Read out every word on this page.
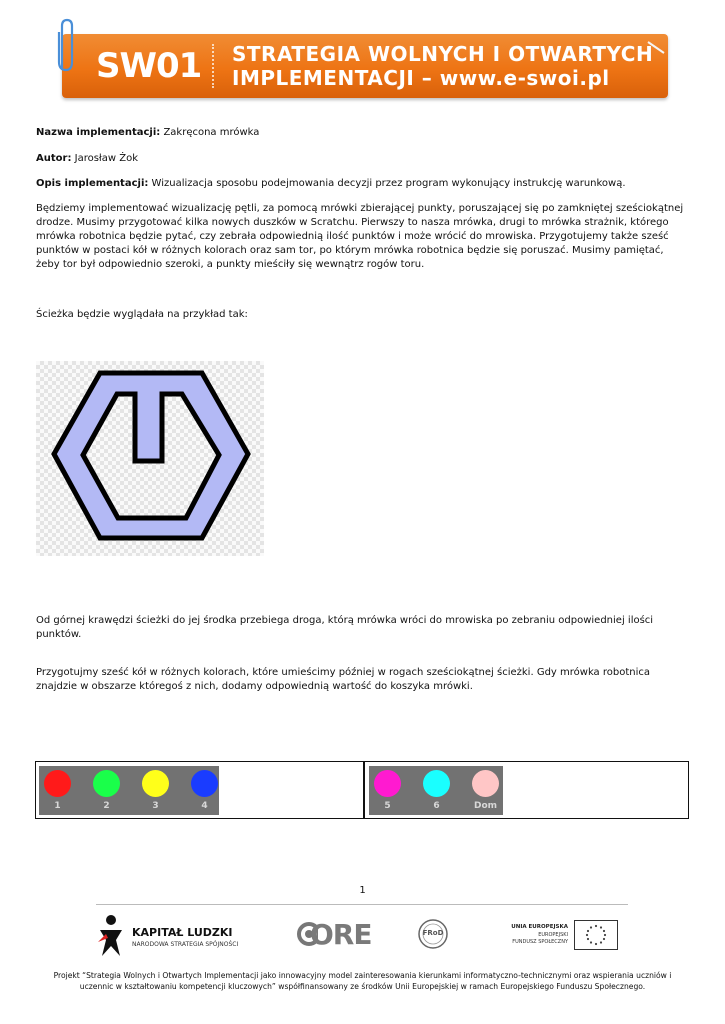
SW01 STRATEGIA WOLNYCH I OTWARTYCH
IMPLEMENTACJI – www.e-swoi.pl
Nazwa implementacji: Zakręcona mrówka
Autor: Jarosław Żok
Opis implementacji: Wizualizacja sposobu podejmowania decyzji przez program wykonujący instrukcję warunkową.
Będziemy implementować wizualizację pętli, za pomocą mrówki zbierającej punkty, poruszającej się po zamkniętej sześciokątnej drodze. Musimy przygotować kilka nowych duszków w Scratchu. Pierwszy to nasza mrówka, drugi to mrówka strażnik, którego mrówka robotnica będzie pytać, czy zebrała odpowiednią ilość punktów i może wrócić do mrowiska. Przygotujemy także sześć punktów w postaci kół w różnych kolorach oraz sam tor, po którym mrówka robotnica będzie się poruszać. Musimy pamiętać, żeby tor był odpowiednio szeroki, a punkty mieściły się wewnątrz rogów toru.
Ścieżka będzie wyglądała na przykład tak:
Od górnej krawędzi ścieżki do jej środka przebiega droga, którą mrówka wróci do mrowiska po zebraniu odpowiedniej ilości punktów.
Przygotujmy sześć kół w różnych kolorach, które umieścimy później w rogach sześciokątnej ścieżki. Gdy mrówka robotnica znajdzie w obszarze któregoś z nich, dodamy odpowiednią wartość do koszyka mrówki.
1	2	3	4	5	6	Dom
1
KAPITAŁ LUDZKI
NARODOWA STRATEGIA SPÓJNOŚCI	ORE	FRoD
UNIA EUROPEJSKA
EUROPEJSKI
FUNDUSZ SPOŁECZNY
Projekt “Strategia Wolnych i Otwartych Implementacji jako innowacyjny model zainteresowania kierunkami informatyczno-technicznymi oraz wspierania uczniów i uczennic w kształtowaniu kompetencji kluczowych” współfinansowany ze środków Unii Europejskiej w ramach Europejskiego Funduszu Społecznego.
